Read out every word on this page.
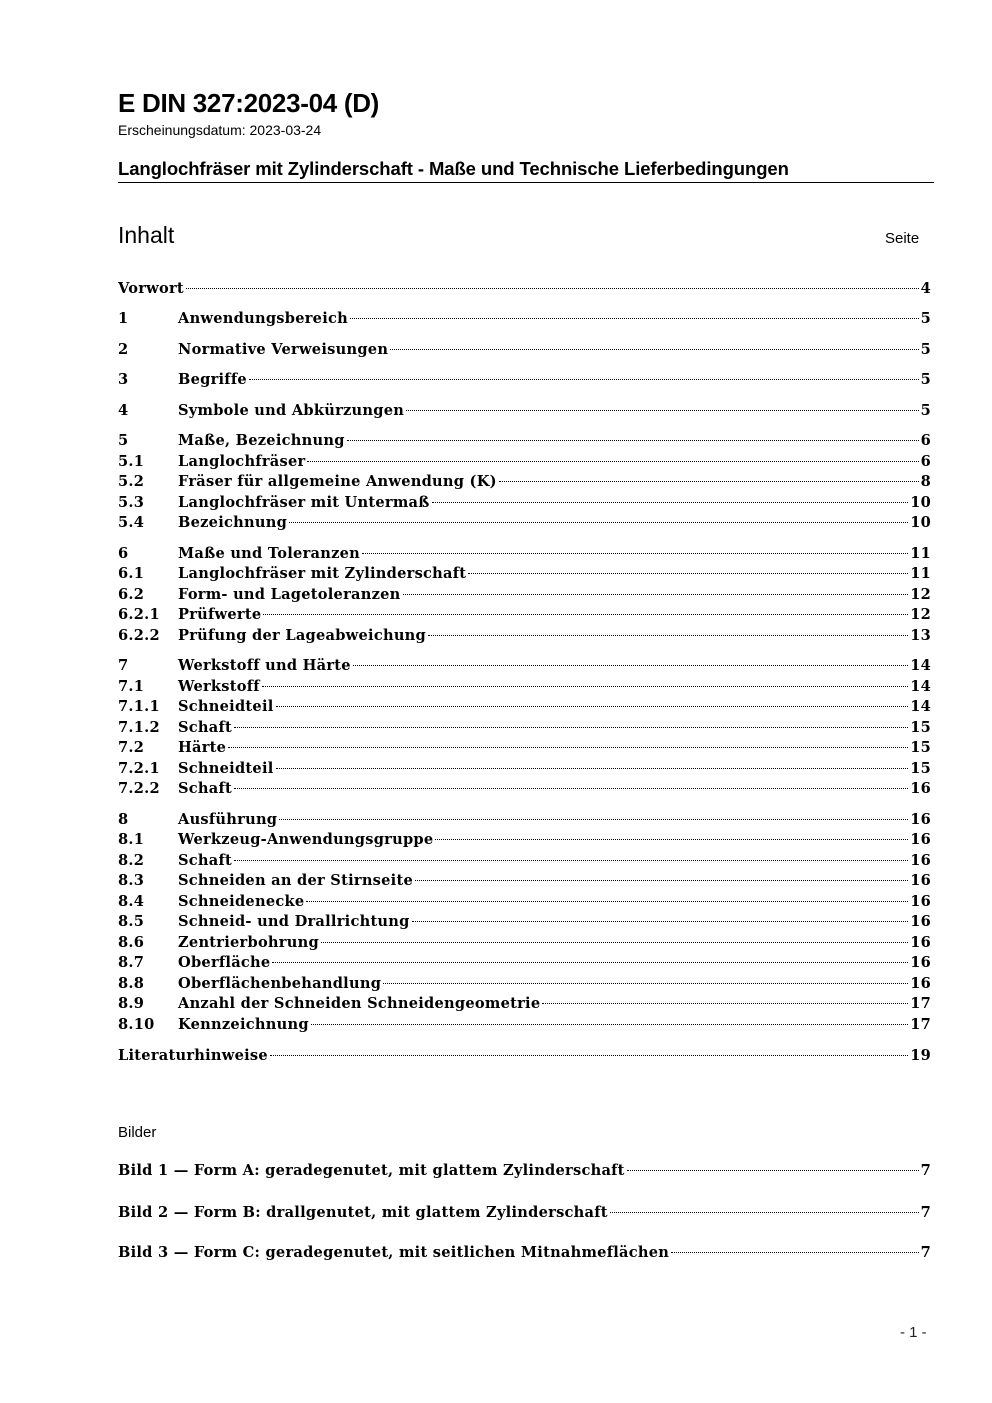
E DIN 327:2023-04 (D)
Erscheinungsdatum: 2023-03-24
Langlochfräser mit Zylinderschaft - Maße und Technische Lieferbedingungen
Inhalt	Seite
Vorwort	4
1	Anwendungsbereich	5
2	Normative Verweisungen	5
3	Begriffe	5
4	Symbole und Abkürzungen	5
5	Maße, Bezeichnung	6
5.1	Langlochfräser	6
5.2	Fräser für allgemeine Anwendung (K)	8
5.3	Langlochfräser mit Untermaß	10
5.4	Bezeichnung	10
6	Maße und Toleranzen	11
6.1	Langlochfräser mit Zylinderschaft	11
6.2	Form- und Lagetoleranzen	12
6.2.1	Prüfwerte	12
6.2.2	Prüfung der Lageabweichung	13
7	Werkstoff und Härte	14
7.1	Werkstoff	14
7.1.1	Schneidteil	14
7.1.2	Schaft	15
7.2	Härte	15
7.2.1	Schneidteil	15
7.2.2	Schaft	16
8	Ausführung	16
8.1	Werkzeug-Anwendungsgruppe	16
8.2	Schaft	16
8.3	Schneiden an der Stirnseite	16
8.4	Schneidenecke	16
8.5	Schneid- und Drallrichtung	16
8.6	Zentrierbohrung	16
8.7	Oberfläche	16
8.8	Oberflächenbehandlung	16
8.9	Anzahl der Schneiden Schneidengeometrie	17
8.10	Kennzeichnung	17
Literaturhinweise	19
Bilder
Bild 1 — Form A: geradegenutet, mit glattem Zylinderschaft	7
Bild 2 — Form B: drallgenutet, mit glattem Zylinderschaft	7
Bild 3 — Form C: geradegenutet, mit seitlichen Mitnahmeflächen	7
- 1 -
